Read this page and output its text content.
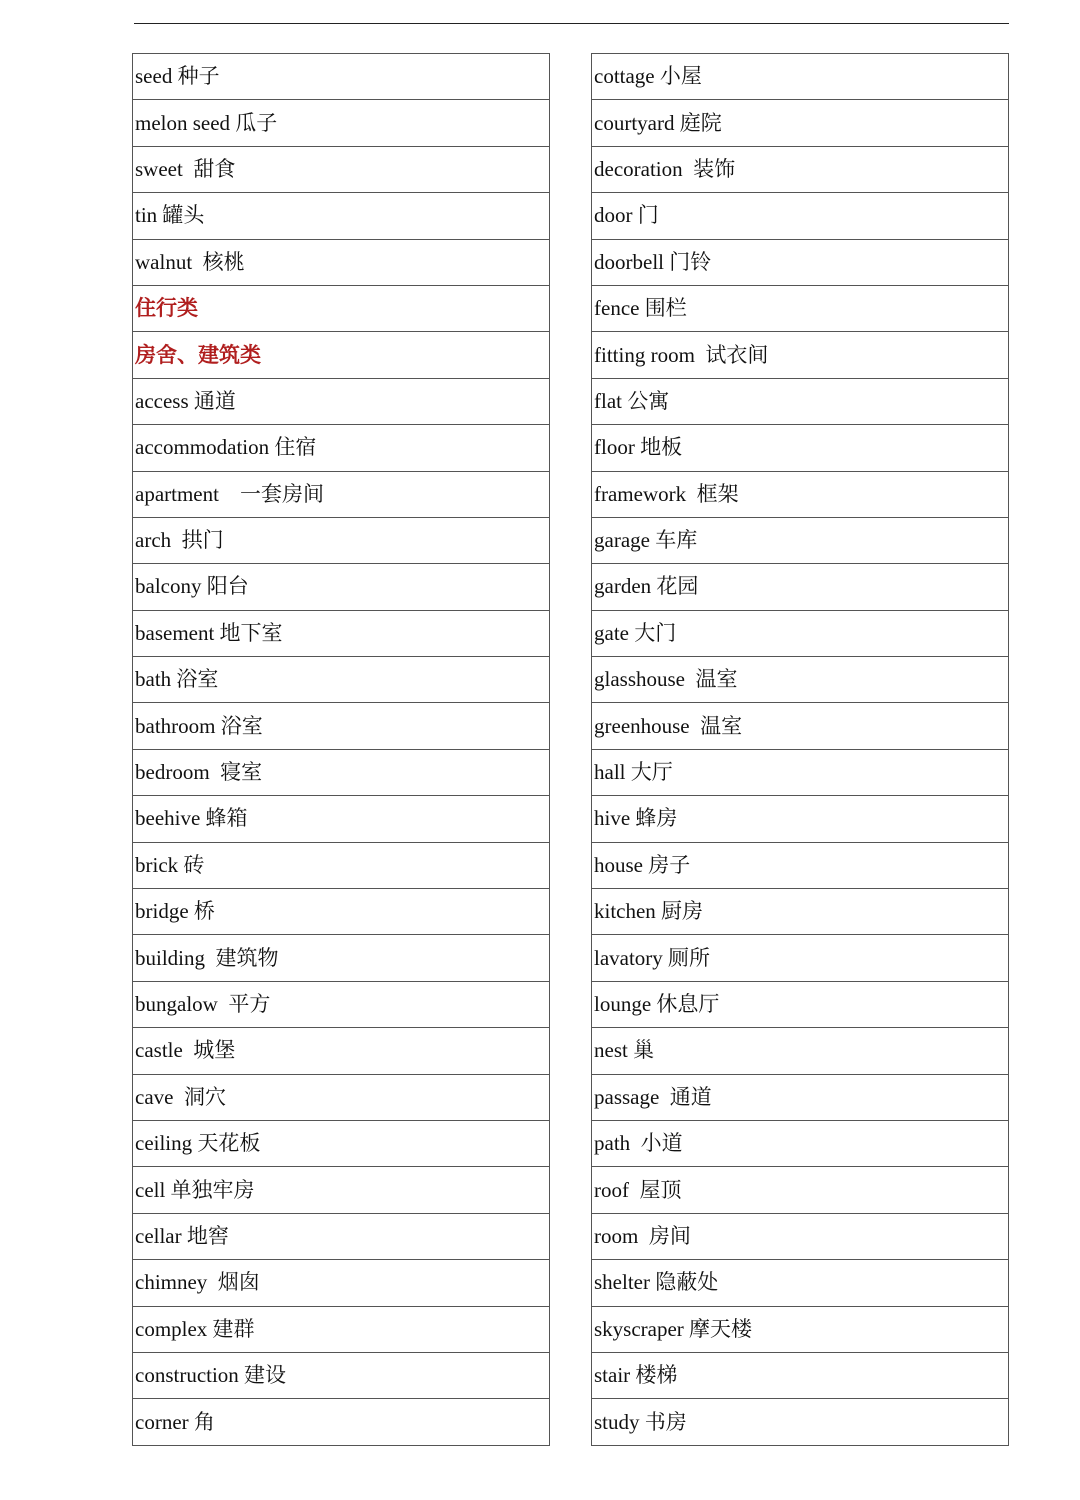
seed 种子
melon seed 瓜子
sweet  甜食
tin 罐头
walnut  核桃
住行类
房舍、建筑类
access 通道
accommodation 住宿
apartment    一套房间
arch  拱门
balcony 阳台
basement 地下室
bath 浴室
bathroom 浴室
bedroom  寝室
beehive 蜂箱
brick 砖
bridge 桥
building  建筑物
bungalow  平方
castle  城堡
cave  洞穴
ceiling 天花板
cell 单独牢房
cellar 地窖
chimney  烟囱
complex 建群
construction 建设
corner 角
cottage 小屋
courtyard 庭院
decoration  装饰
door 门
doorbell 门铃
fence 围栏
fitting room  试衣间
flat 公寓
floor 地板
framework  框架
garage 车库
garden 花园
gate 大门
glasshouse  温室
greenhouse  温室
hall 大厅
hive 蜂房
house 房子
kitchen 厨房
lavatory 厕所
lounge 休息厅
nest 巢
passage  通道
path  小道
roof  屋顶
room  房间
shelter 隐蔽处
skyscraper 摩天楼
stair 楼梯
study 书房
